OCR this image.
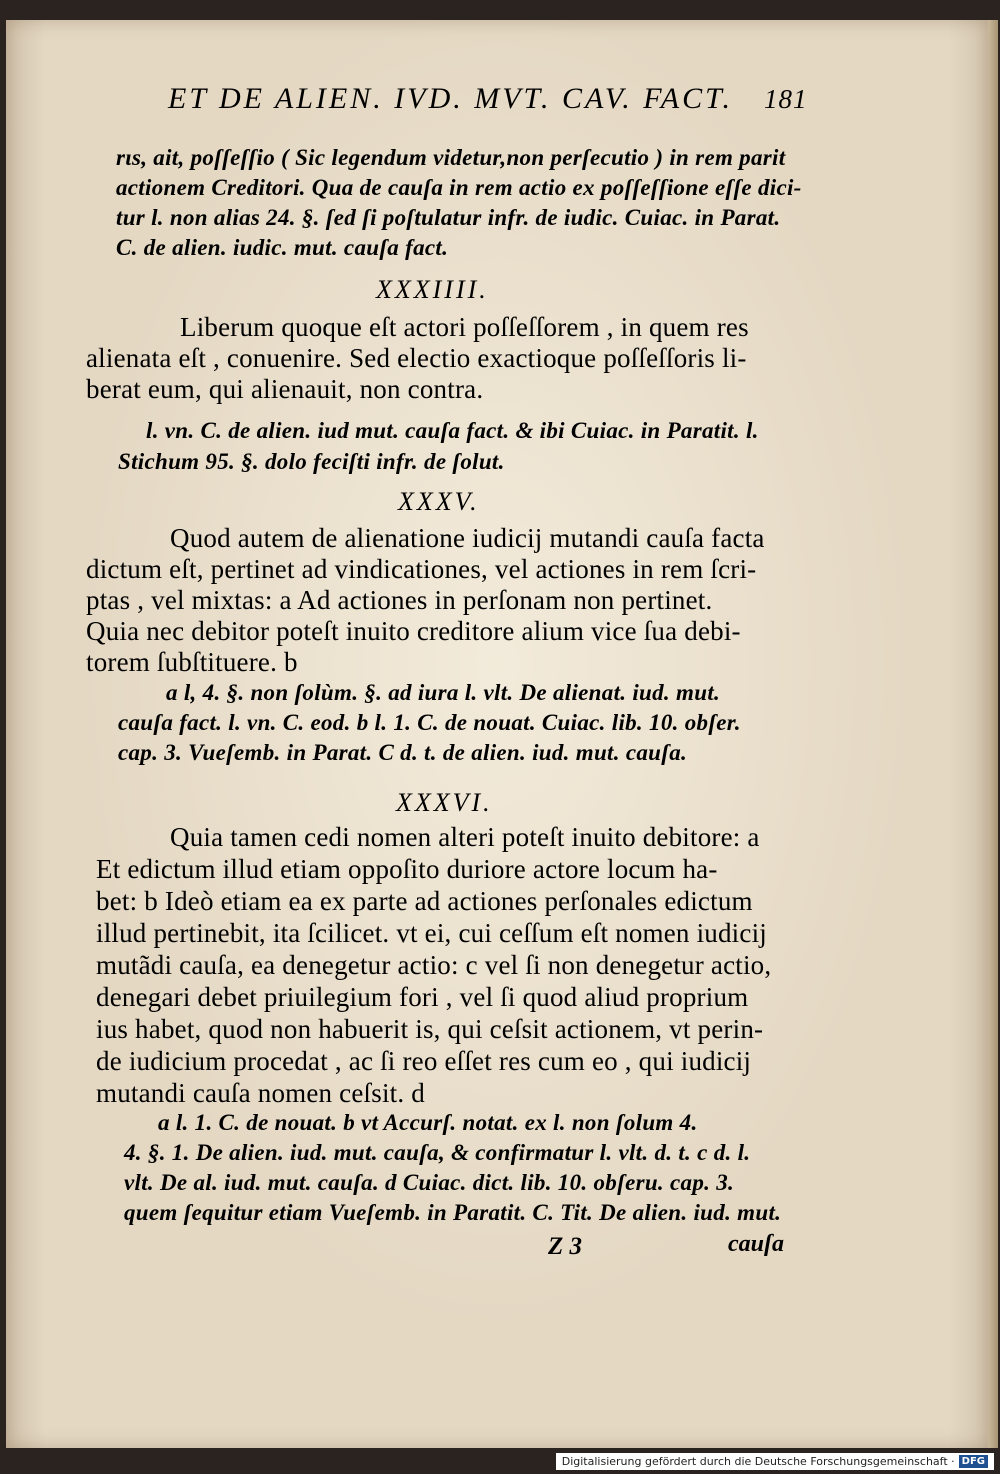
ET DE ALIEN. IVD. MVT. CAV. FACT. 181
rιs, ait, poſſeſſio ( Sic legendum videtur,non perſecutio ) in rem parit
actionem Creditori. Qua de cauſa in rem actio ex poſſeſſione eſſe dici-
tur l. non alias 24. §. ſed ſi poſtulatur infr. de iudic. Cuiac. in Parat.
C. de alien. iudic. mut. cauſa fact.
XXXIIII.
Liberum quoque eſt actori poſſeſſorem , in quem res
alienata eſt , conuenire. Sed electio exactioque poſſeſſoris li-
berat eum, qui alienauit, non contra.
l. vn. C. de alien. iud mut. cauſa fact. & ibi Cuiac. in Paratit. l.
Stichum 95. §. dolo feciſti infr. de ſolut.
XXXV.
Quod autem de alienatione iudicij mutandi cauſa facta
dictum eſt, pertinet ad vindicationes, vel actiones in rem ſcri-
ptas , vel mixtas: a Ad actiones in perſonam non pertinet.
Quia nec debitor poteſt inuito creditore alium vice ſua debi-
torem ſubſtituere. b
a l, 4. §. non ſolùm. §. ad iura l. vlt. De alienat. iud. mut.
cauſa fact. l. vn. C. eod. b l. 1. C. de nouat. Cuiac. lib. 10. obſer.
cap. 3. Vueſemb. in Parat. C d. t. de alien. iud. mut. cauſa.
XXXVI.
Quia tamen cedi nomen alteri poteſt inuito debitore: a
Et edictum illud etiam oppoſito duriore actore locum ha-
bet: b Ideò etiam ea ex parte ad actiones perſonales edictum
illud pertinebit, ita ſcilicet. vt ei, cui ceſſum eſt nomen iudicij
mutãdi cauſa, ea denegetur actio: c vel ſi non denegetur actio,
denegari debet priuilegium fori , vel ſi quod aliud proprium
ius habet, quod non habuerit is, qui ceſsit actionem, vt perin-
de iudicium procedat , ac ſi reo eſſet res cum eo , qui iudicij
mutandi cauſa nomen ceſsit. d
a l. 1. C. de nouat. b vt Accurſ. notat. ex l. non ſolum 4.
4. §. 1. De alien. iud. mut. cauſa, & confirmatur l. vlt. d. t. c d. l.
vlt. De al. iud. mut. cauſa. d Cuiac. dict. lib. 10. obſeru. cap. 3.
quem ſequitur etiam Vueſemb. in Paratit. C. Tit. De alien. iud. mut.
Z 3	cauſa
Digitalisierung gefördert durch die Deutsche Forschungsgemeinschaft · DFG
